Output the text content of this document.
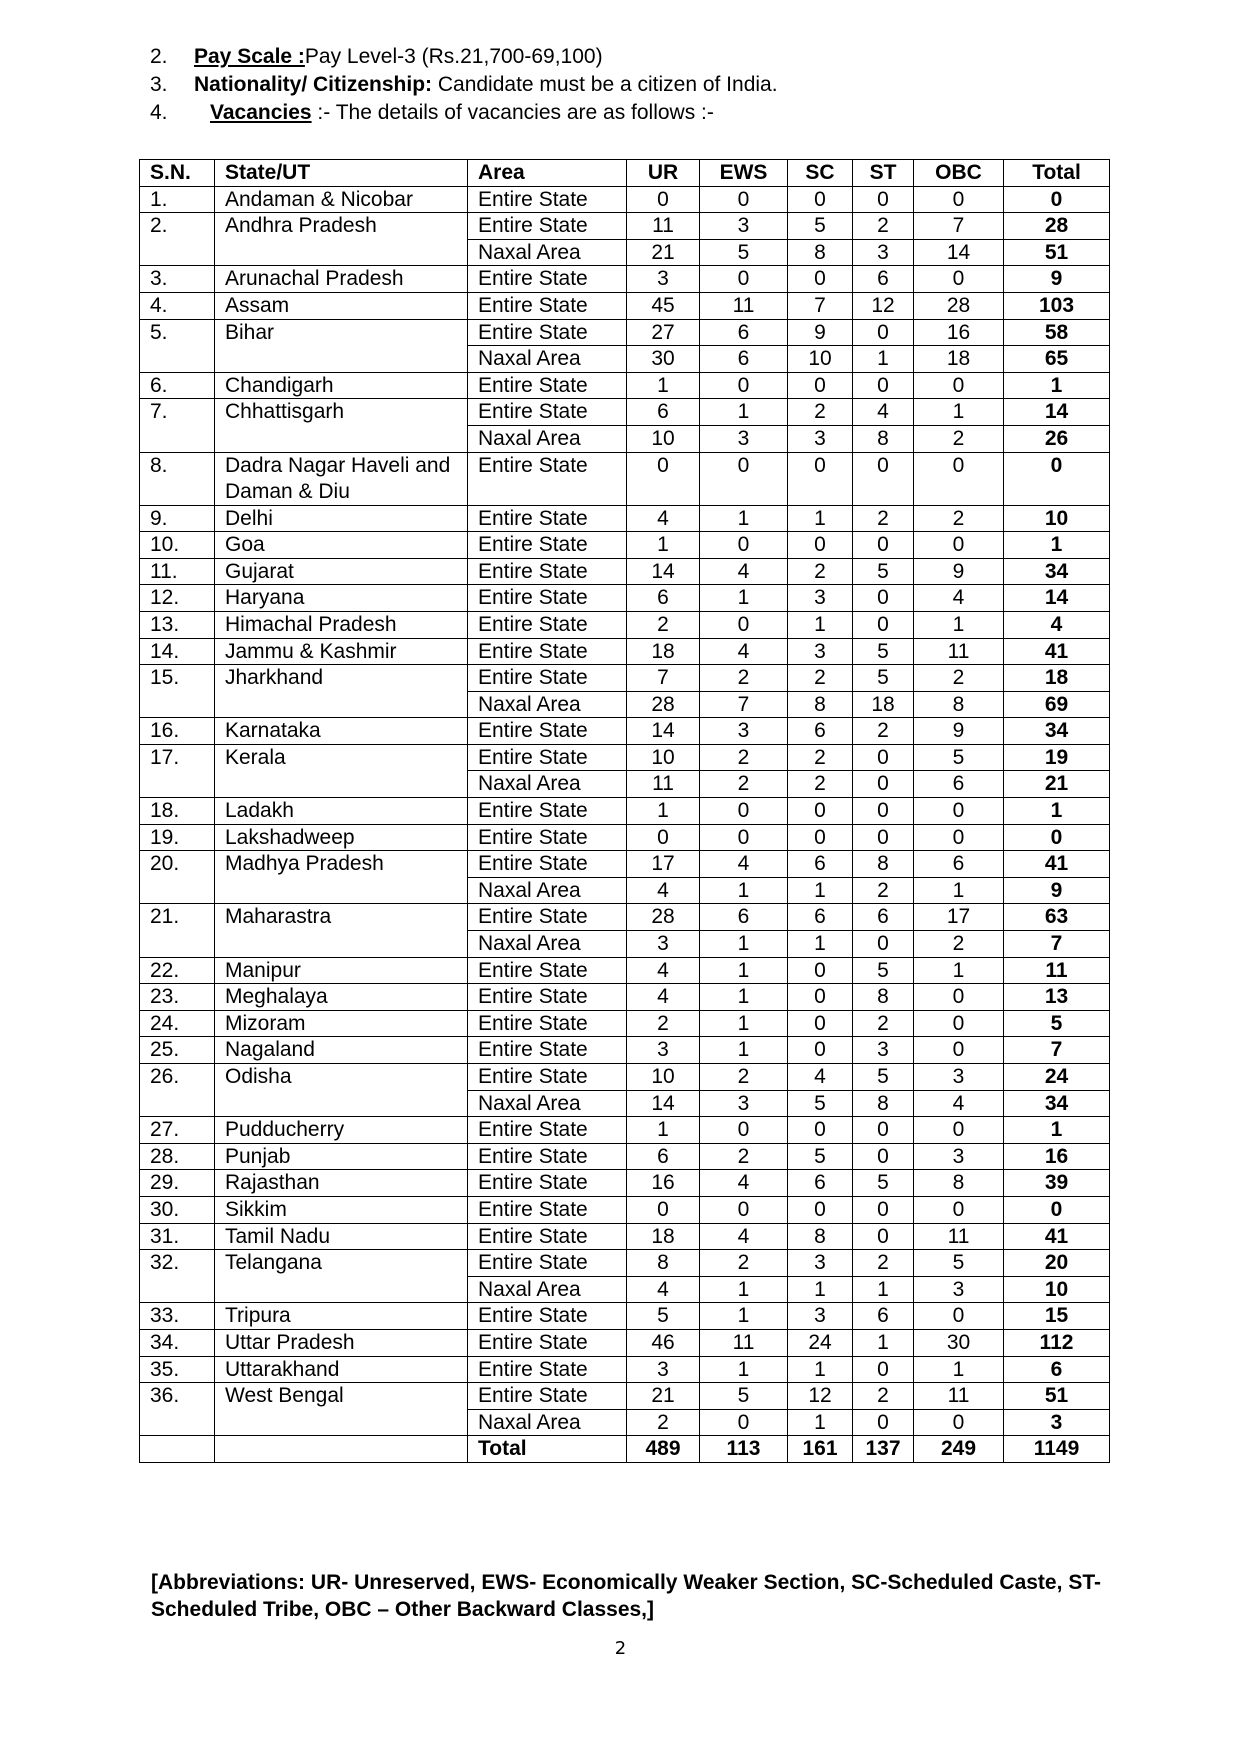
2.	Pay Scale : Pay Level-3 (Rs.21,700-69,100)
3.	Nationality/ Citizenship: Candidate must be a citizen of India.
4.	Vacancies :- The details of vacancies are as follows :-
S.N.	State/UT	Area	UR	EWS	SC	ST	OBC	Total
1.	Andaman & Nicobar	Entire State	0	0	0	0	0	0
2.	Andhra Pradesh	Entire State	11	3	5	2	7	28
		Naxal Area	21	5	8	3	14	51
3.	Arunachal Pradesh	Entire State	3	0	0	6	0	9
4.	Assam	Entire State	45	11	7	12	28	103
5.	Bihar	Entire State	27	6	9	0	16	58
		Naxal Area	30	6	10	1	18	65
6.	Chandigarh	Entire State	1	0	0	0	0	1
7.	Chhattisgarh	Entire State	6	1	2	4	1	14
		Naxal Area	10	3	3	8	2	26
8.	Dadra Nagar Haveli and Daman & Diu	Entire State	0	0	0	0	0	0
9.	Delhi	Entire State	4	1	1	2	2	10
10.	Goa	Entire State	1	0	0	0	0	1
11.	Gujarat	Entire State	14	4	2	5	9	34
12.	Haryana	Entire State	6	1	3	0	4	14
13.	Himachal Pradesh	Entire State	2	0	1	0	1	4
14.	Jammu & Kashmir	Entire State	18	4	3	5	11	41
15.	Jharkhand	Entire State	7	2	2	5	2	18
		Naxal Area	28	7	8	18	8	69
16.	Karnataka	Entire State	14	3	6	2	9	34
17.	Kerala	Entire State	10	2	2	0	5	19
		Naxal Area	11	2	2	0	6	21
18.	Ladakh	Entire State	1	0	0	0	0	1
19.	Lakshadweep	Entire State	0	0	0	0	0	0
20.	Madhya Pradesh	Entire State	17	4	6	8	6	41
		Naxal Area	4	1	1	2	1	9
21.	Maharastra	Entire State	28	6	6	6	17	63
		Naxal Area	3	1	1	0	2	7
22.	Manipur	Entire State	4	1	0	5	1	11
23.	Meghalaya	Entire State	4	1	0	8	0	13
24.	Mizoram	Entire State	2	1	0	2	0	5
25.	Nagaland	Entire State	3	1	0	3	0	7
26.	Odisha	Entire State	10	2	4	5	3	24
		Naxal Area	14	3	5	8	4	34
27.	Pudducherry	Entire State	1	0	0	0	0	1
28.	Punjab	Entire State	6	2	5	0	3	16
29.	Rajasthan	Entire State	16	4	6	5	8	39
30.	Sikkim	Entire State	0	0	0	0	0	0
31.	Tamil Nadu	Entire State	18	4	8	0	11	41
32.	Telangana	Entire State	8	2	3	2	5	20
		Naxal Area	4	1	1	1	3	10
33.	Tripura	Entire State	5	1	3	6	0	15
34.	Uttar Pradesh	Entire State	46	11	24	1	30	112
35.	Uttarakhand	Entire State	3	1	1	0	1	6
36.	West Bengal	Entire State	21	5	12	2	11	51
		Naxal Area	2	0	1	0	0	3
		Total	489	113	161	137	249	1149
[Abbreviations: UR- Unreserved, EWS- Economically Weaker Section, SC-Scheduled Caste, ST- Scheduled Tribe, OBC – Other Backward Classes,]
2
